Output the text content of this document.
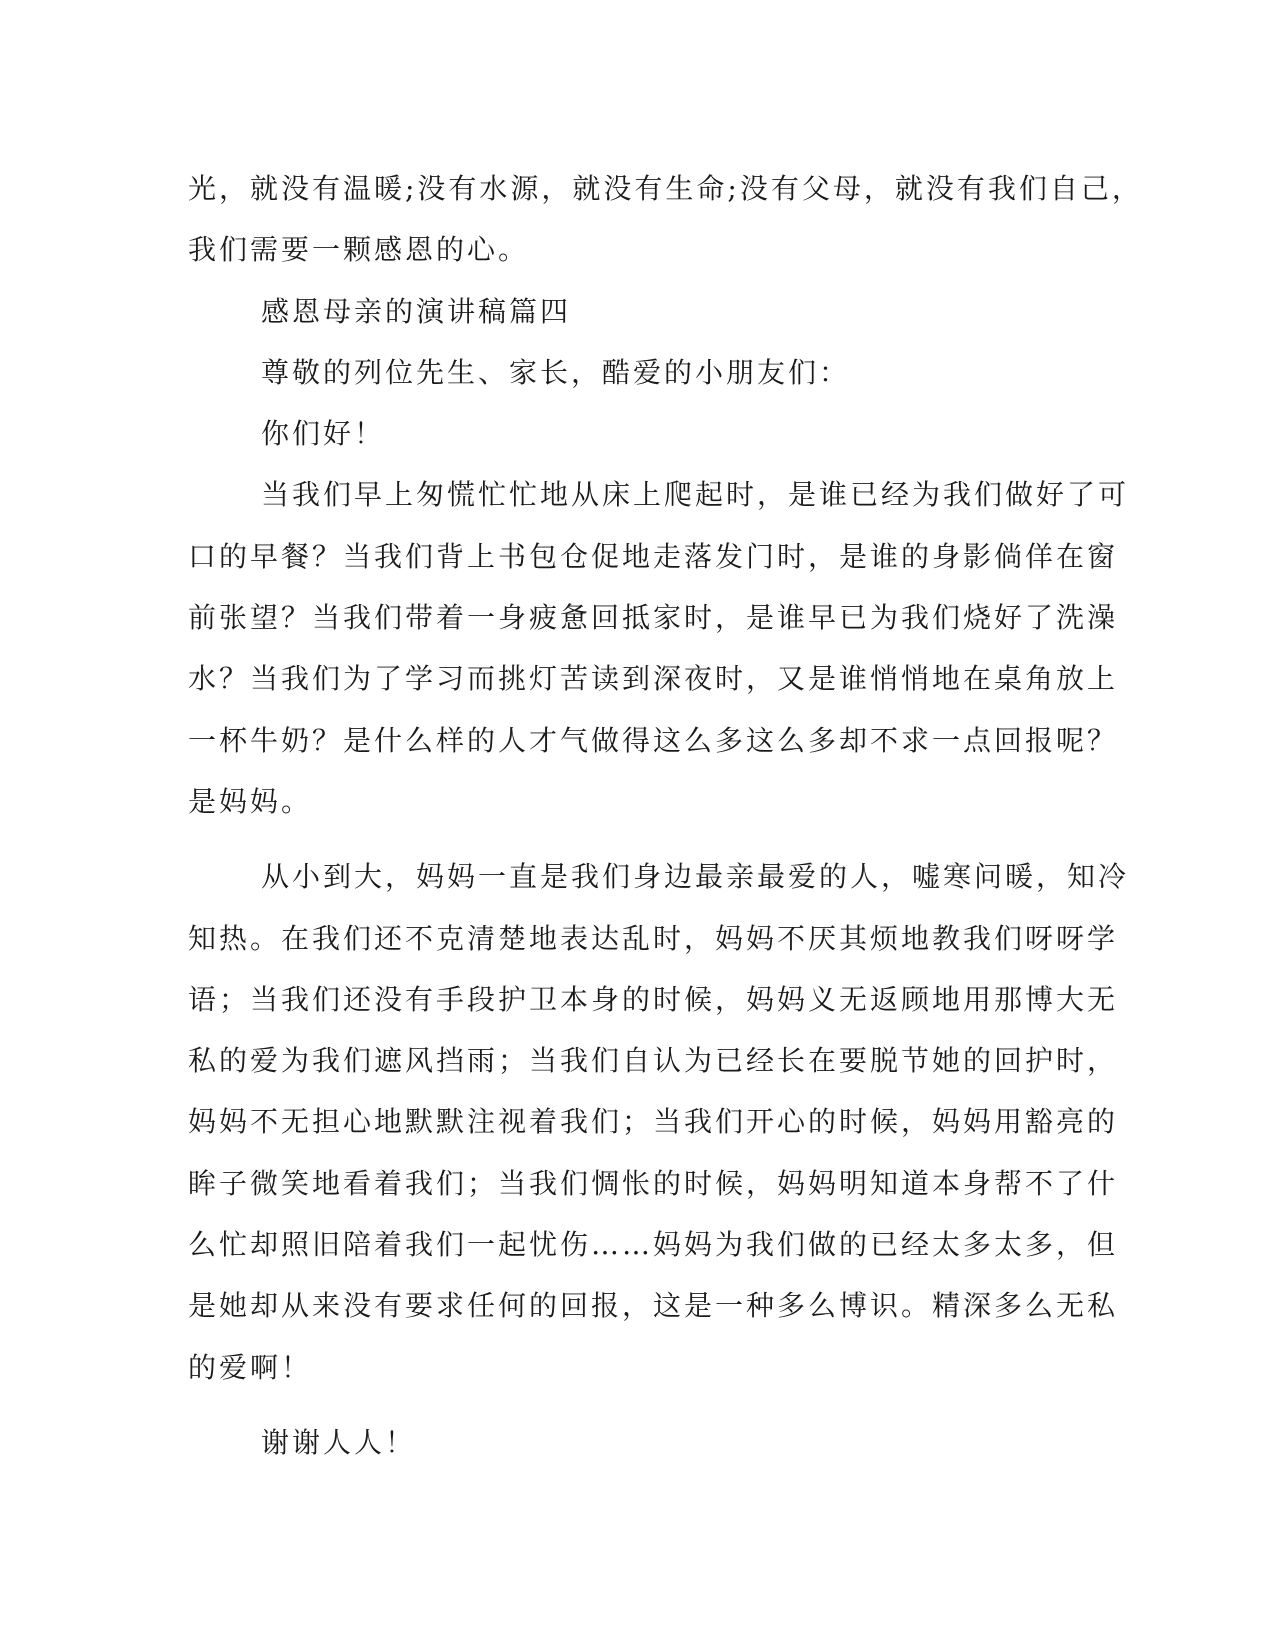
光，就没有温暖;没有水源，就没有生命;没有父母，就没有我们自己，
我们需要一颗感恩的心。
感恩母亲的演讲稿篇四
尊敬的列位先生、家长，酷爱的小朋友们：
你们好！
当我们早上匆慌忙忙地从床上爬起时，是谁已经为我们做好了可
口的早餐？当我们背上书包仓促地走落发门时，是谁的身影倘佯在窗
前张望？当我们带着一身疲惫回抵家时，是谁早已为我们烧好了洗澡
水？当我们为了学习而挑灯苦读到深夜时，又是谁悄悄地在桌角放上
一杯牛奶？是什么样的人才气做得这么多这么多却不求一点回报呢？
是妈妈。
从小到大，妈妈一直是我们身边最亲最爱的人，嘘寒问暖，知冷
知热。在我们还不克清楚地表达乱时，妈妈不厌其烦地教我们呀呀学
语；当我们还没有手段护卫本身的时候，妈妈义无返顾地用那博大无
私的爱为我们遮风挡雨；当我们自认为已经长在要脱节她的回护时，
妈妈不无担心地默默注视着我们；当我们开心的时候，妈妈用豁亮的
眸子微笑地看着我们；当我们惆怅的时候，妈妈明知道本身帮不了什
么忙却照旧陪着我们一起忧伤……妈妈为我们做的已经太多太多，但
是她却从来没有要求任何的回报，这是一种多么博识。精深多么无私
的爱啊！
谢谢人人！
